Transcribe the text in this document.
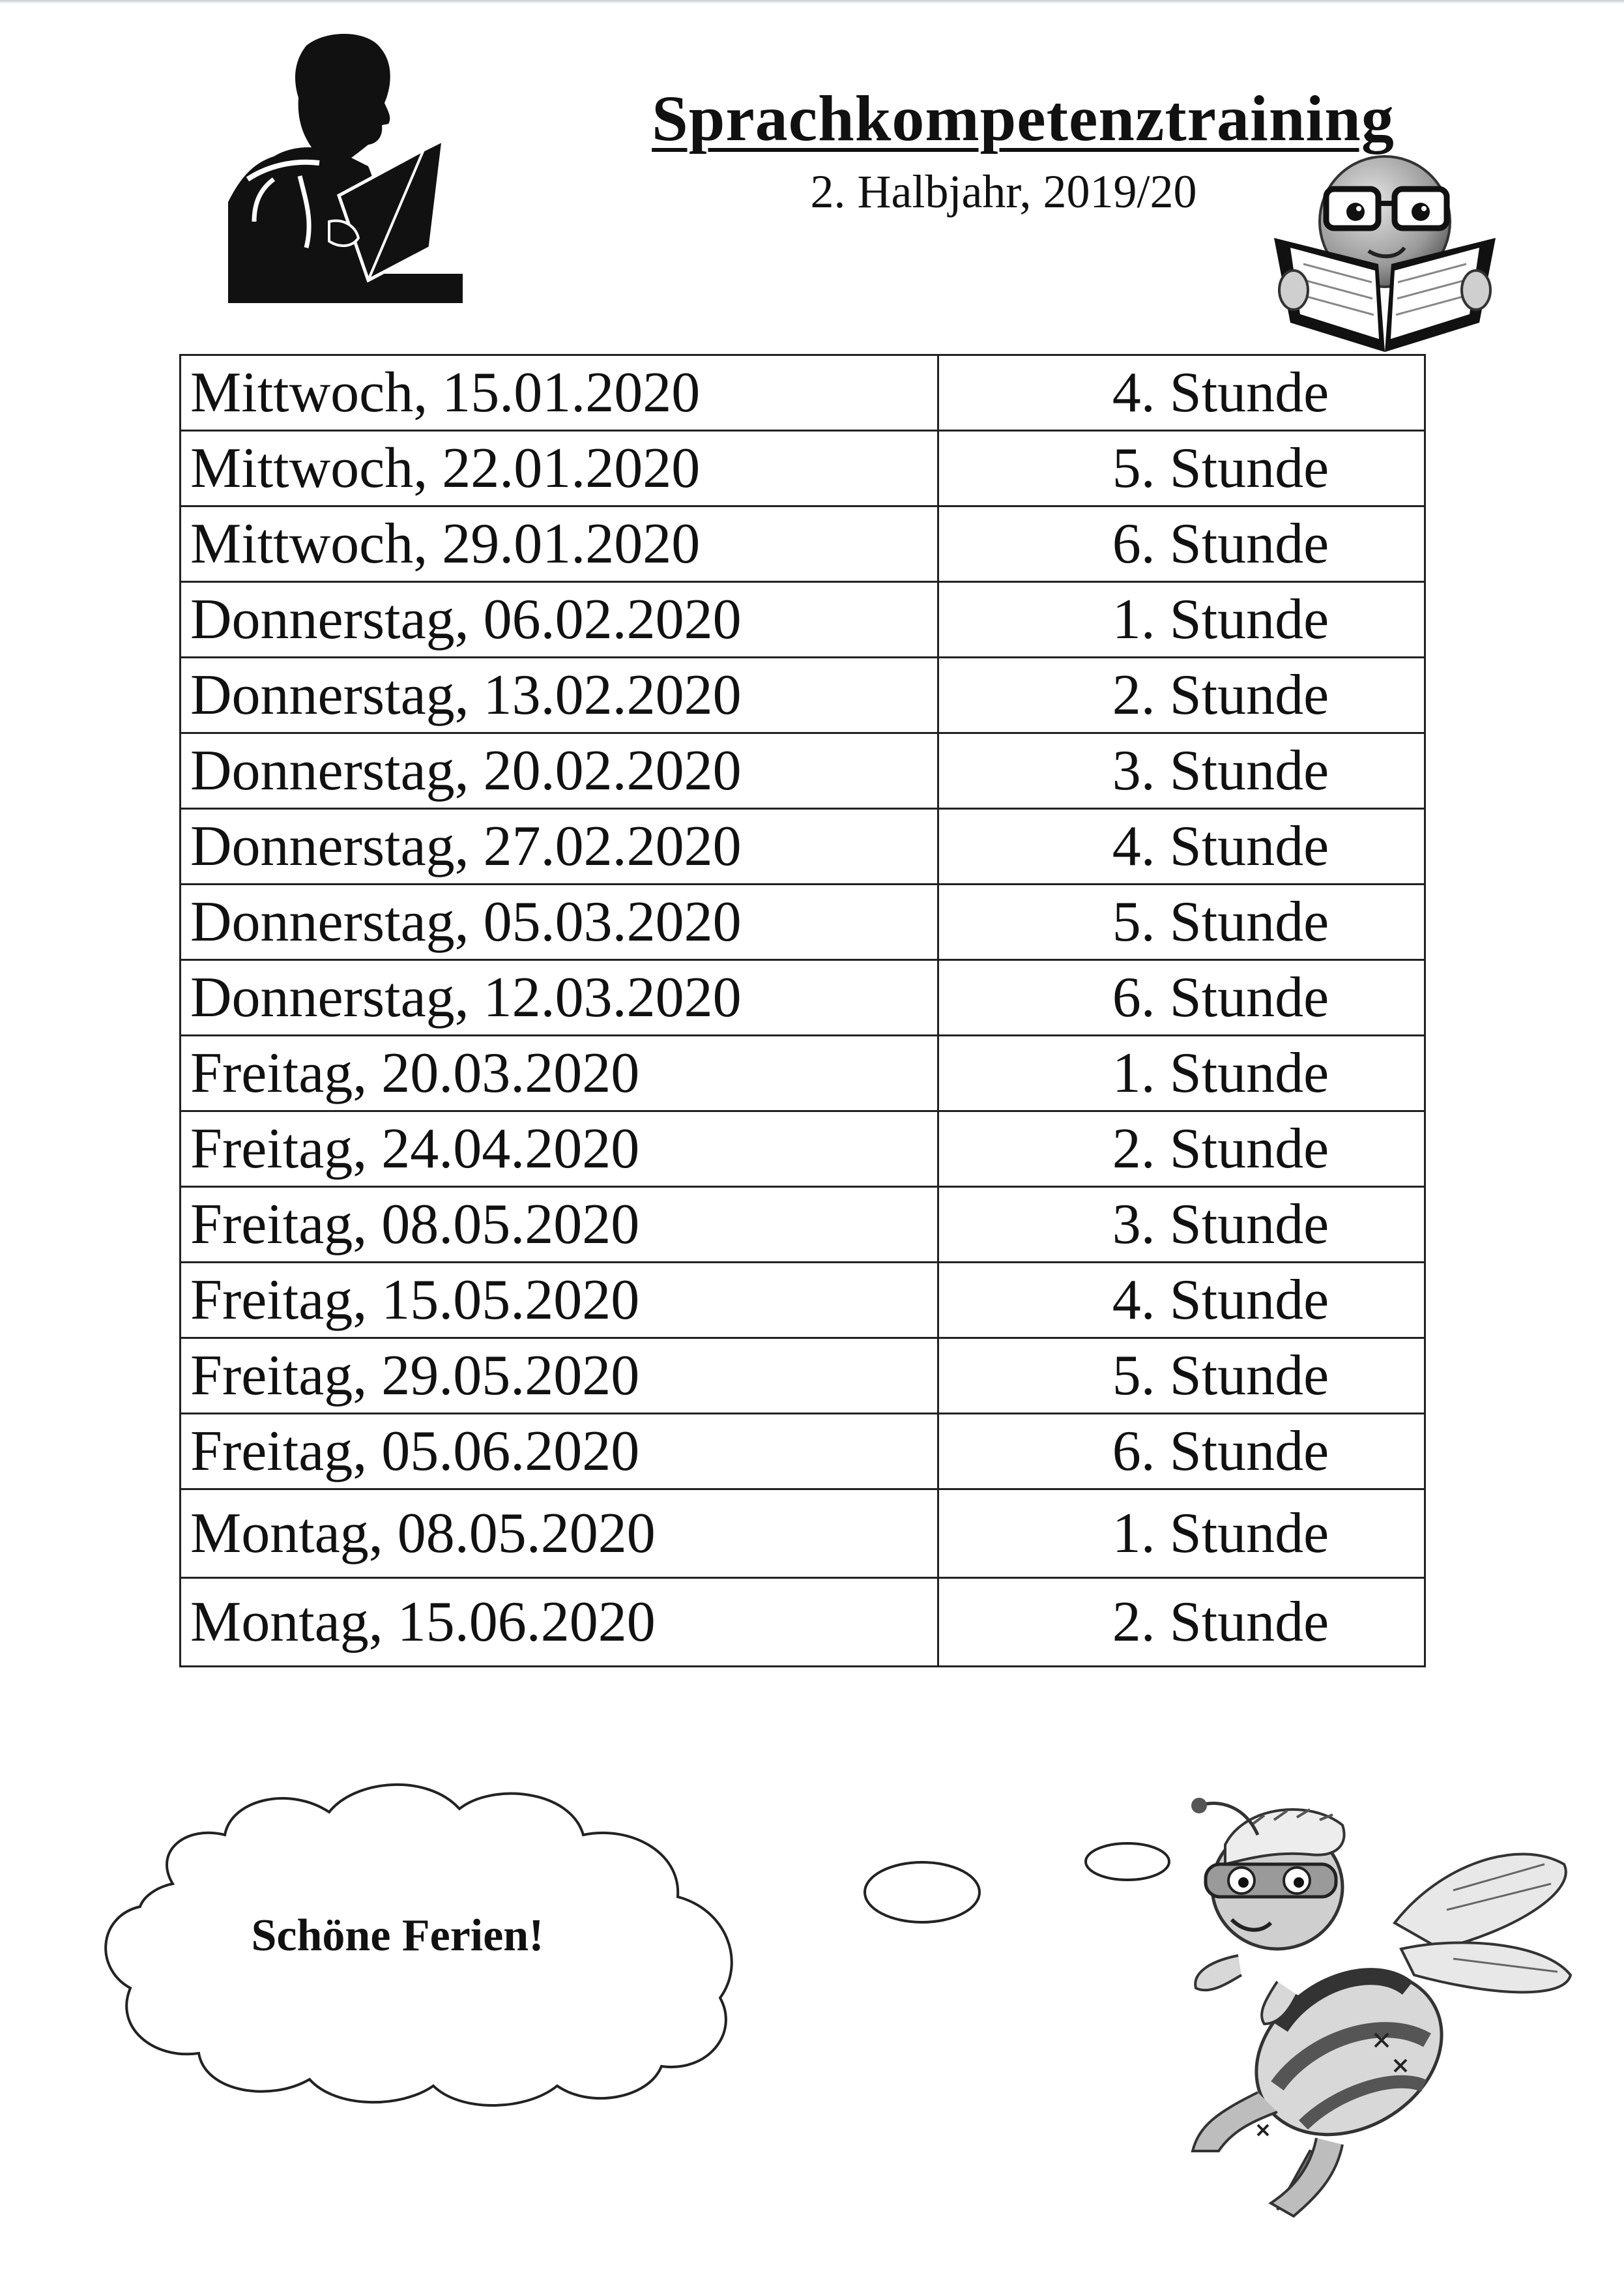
Sprachkompetenztraining
2. Halbjahr, 2019/20
Mittwoch, 15.01.2020	4. Stunde
Mittwoch, 22.01.2020	5. Stunde
Mittwoch, 29.01.2020	6. Stunde
Donnerstag, 06.02.2020	1. Stunde
Donnerstag, 13.02.2020	2. Stunde
Donnerstag, 20.02.2020	3. Stunde
Donnerstag, 27.02.2020	4. Stunde
Donnerstag, 05.03.2020	5. Stunde
Donnerstag, 12.03.2020	6. Stunde
Freitag, 20.03.2020	1. Stunde
Freitag, 24.04.2020	2. Stunde
Freitag, 08.05.2020	3. Stunde
Freitag, 15.05.2020	4. Stunde
Freitag, 29.05.2020	5. Stunde
Freitag, 05.06.2020	6. Stunde
Montag, 08.05.2020	1. Stunde
Montag, 15.06.2020	2. Stunde
Schöne Ferien!
